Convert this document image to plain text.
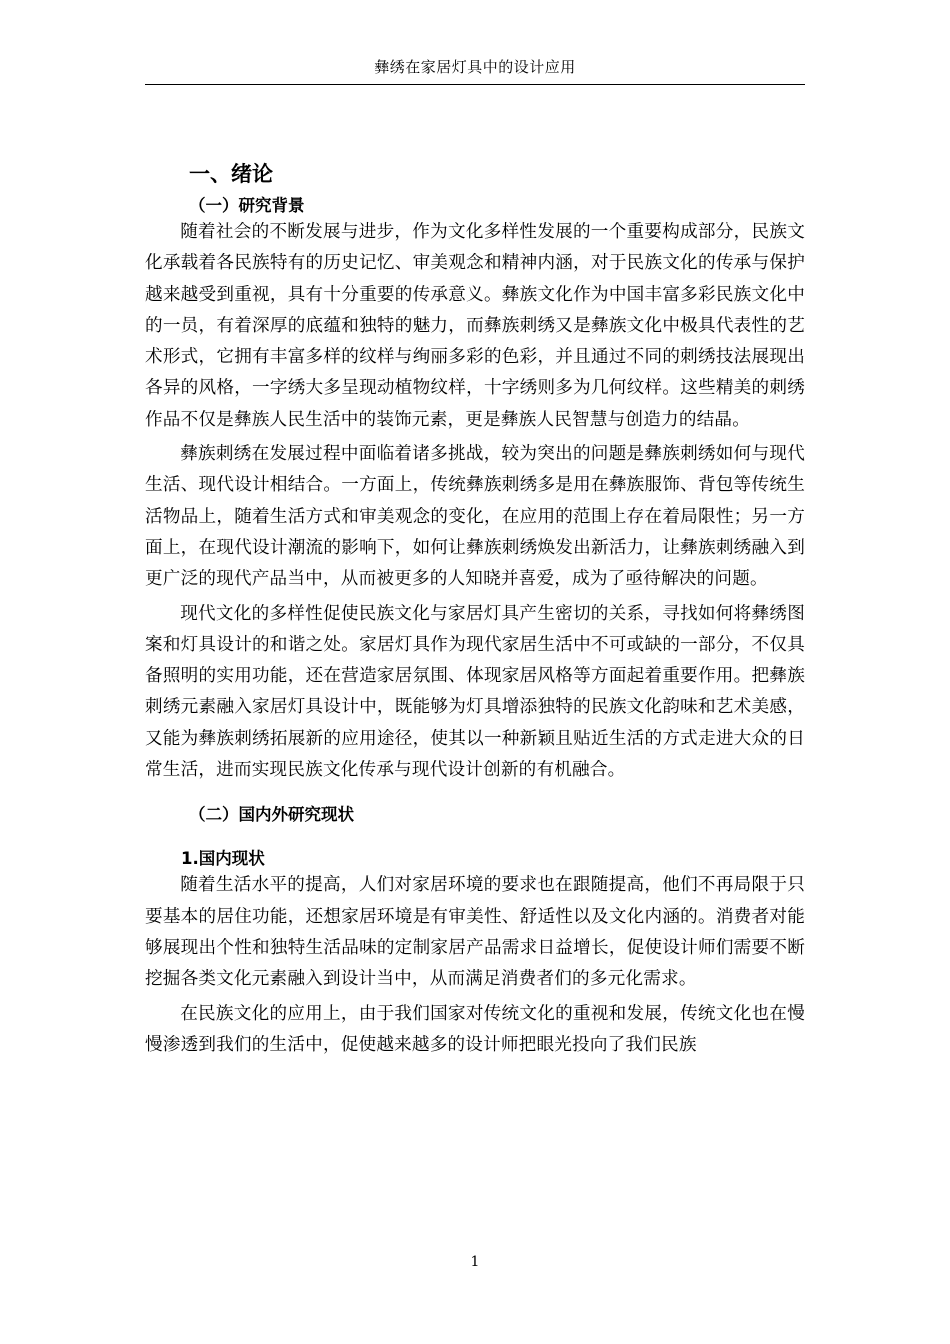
彝绣在家居灯具中的设计应用
一、绪论
（一）研究背景

随着社会的不断发展与进步，作为文化多样性发展的一个重要构成部分，民族文化承载着各民族特有的历史记忆、审美观念和精神内涵，对于民族文化的传承与保护越来越受到重视，具有十分重要的传承意义。彝族文化作为中国丰富多彩民族文化中的一员，有着深厚的底蕴和独特的魅力，而彝族刺绣又是彝族文化中极具代表性的艺术形式，它拥有丰富多样的纹样与绚丽多彩的色彩，并且通过不同的刺绣技法展现出各异的风格，一字绣大多呈现动植物纹样，十字绣则多为几何纹样。这些精美的刺绣作品不仅是彝族人民生活中的装饰元素，更是彝族人民智慧与创造力的结晶。

彝族刺绣在发展过程中面临着诸多挑战，较为突出的问题是彝族刺绣如何与现代生活、现代设计相结合。一方面上，传统彝族刺绣多是用在彝族服饰、背包等传统生活物品上，随着生活方式和审美观念的变化，在应用的范围上存在着局限性；另一方面上，在现代设计潮流的影响下，如何让彝族刺绣焕发出新活力，让彝族刺绣融入到更广泛的现代产品当中，从而被更多的人知晓并喜爱，成为了亟待解决的问题。

现代文化的多样性促使民族文化与家居灯具产生密切的关系，寻找如何将彝绣图案和灯具设计的和谐之处。家居灯具作为现代家居生活中不可或缺的一部分，不仅具备照明的实用功能，还在营造家居氛围、体现家居风格等方面起着重要作用。把彝族刺绣元素融入家居灯具设计中，既能够为灯具增添独特的民族文化韵味和艺术美感，又能为彝族刺绣拓展新的应用途径，使其以一种新颖且贴近生活的方式走进大众的日常生活，进而实现民族文化传承与现代设计创新的有机融合。

（二）国内外研究现状
1.国内现状

随着生活水平的提高，人们对家居环境的要求也在跟随提高，他们不再局限于只要基本的居住功能，还想家居环境是有审美性、舒适性以及文化内涵的。消费者对能够展现出个性和独特生活品味的定制家居产品需求日益增长，促使设计师们需要不断挖掘各类文化元素融入到设计当中，从而满足消费者们的多元化需求。

在民族文化的应用上，由于我们国家对传统文化的重视和发展，传统文化也在慢慢渗透到我们的生活中，促使越来越多的设计师把眼光投向了我们民族

1
